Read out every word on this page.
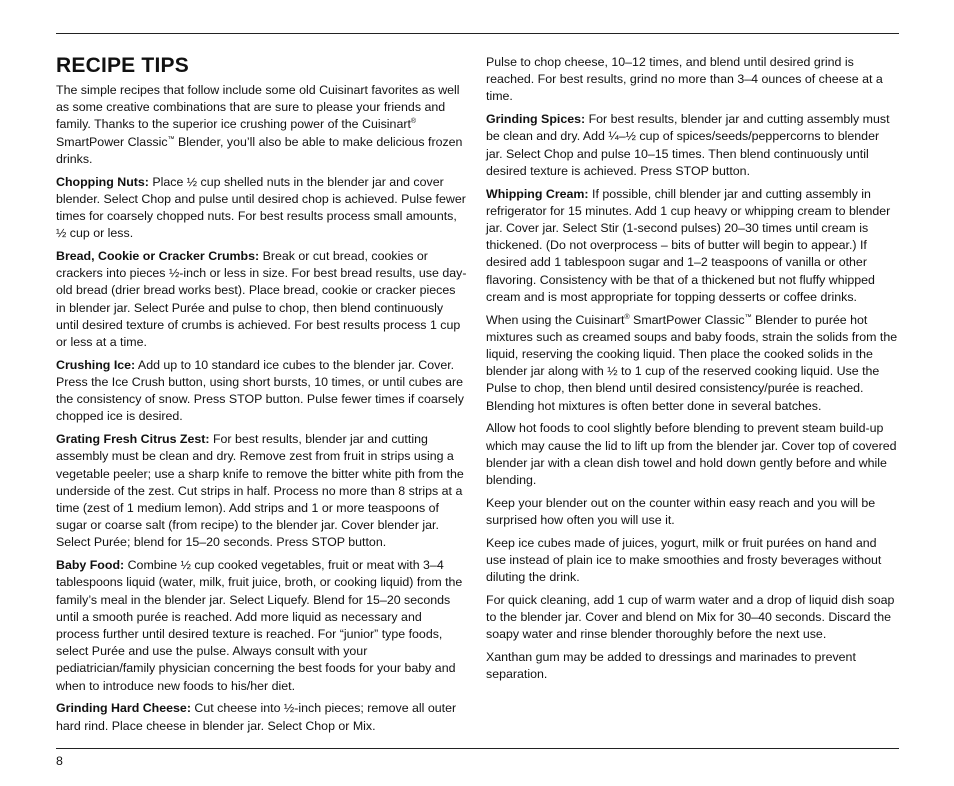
RECIPE TIPS

The simple recipes that follow include some old Cuisinart favorites as well as some creative combinations that are sure to please your friends and family. Thanks to the superior ice crushing power of the Cuisinart® SmartPower Classic™ Blender, you’ll also be able to make delicious frozen drinks.

Chopping Nuts: Place ½ cup shelled nuts in the blender jar and cover blender. Select Chop and pulse until desired chop is achieved. Pulse fewer times for coarsely chopped nuts. For best results process small amounts, ½ cup or less.

Bread, Cookie or Cracker Crumbs: Break or cut bread, cookies or crackers into pieces ½-inch or less in size. For best bread results, use day-old bread (drier bread works best). Place bread, cookie or cracker pieces in blender jar. Select Purée and pulse to chop, then blend continuously until desired texture of crumbs is achieved. For best results process 1 cup or less at a time.

Crushing Ice: Add up to 10 standard ice cubes to the blender jar. Cover. Press the Ice Crush button, using short bursts, 10 times, or until cubes are the consistency of snow. Press STOP button. Pulse fewer times if coarsely chopped ice is desired.

Grating Fresh Citrus Zest: For best results, blender jar and cutting assembly must be clean and dry. Remove zest from fruit in strips using a vegetable peeler; use a sharp knife to remove the bitter white pith from the underside of the zest. Cut strips in half. Process no more than 8 strips at a time (zest of 1 medium lemon). Add strips and 1 or more teaspoons of sugar or coarse salt (from recipe) to the blender jar. Cover blender jar. Select Purée; blend for 15–20 seconds. Press STOP button.

Baby Food: Combine ½ cup cooked vegetables, fruit or meat with 3–4 tablespoons liquid (water, milk, fruit juice, broth, or cooking liquid) from the family’s meal in the blender jar. Select Liquefy. Blend for 15–20 seconds until a smooth purée is reached. Add more liquid as necessary and process further until desired texture is reached. For “junior” type foods, select Purée and use the pulse. Always consult with your pediatrician/family physician concerning the best foods for your baby and when to introduce new foods to his/her diet.

Grinding Hard Cheese: Cut cheese into ½-inch pieces; remove all outer hard rind. Place cheese in blender jar. Select Chop or Mix.

Pulse to chop cheese, 10–12 times, and blend until desired grind is reached. For best results, grind no more than 3–4 ounces of cheese at a time.

Grinding Spices: For best results, blender jar and cutting assembly must be clean and dry. Add ¼–½ cup of spices/seeds/peppercorns to blender jar. Select Chop and pulse 10–15 times. Then blend continuously until desired texture is achieved. Press STOP button.

Whipping Cream: If possible, chill blender jar and cutting assembly in refrigerator for 15 minutes. Add 1 cup heavy or whipping cream to blender jar. Cover jar. Select Stir (1-second pulses) 20–30 times until cream is thickened. (Do not overprocess – bits of butter will begin to appear.) If desired add 1 tablespoon sugar and 1–2 teaspoons of vanilla or other flavoring. Consistency with be that of a thickened but not fluffy whipped cream and is most appropriate for topping desserts or coffee drinks.

When using the Cuisinart® SmartPower Classic™ Blender to purée hot mixtures such as creamed soups and baby foods, strain the solids from the liquid, reserving the cooking liquid. Then place the cooked solids in the blender jar along with ½ to 1 cup of the reserved cooking liquid. Use the Pulse to chop, then blend until desired consistency/purée is reached. Blending hot mixtures is often better done in several batches.

Allow hot foods to cool slightly before blending to prevent steam build-up which may cause the lid to lift up from the blender jar. Cover top of covered blender jar with a clean dish towel and hold down gently before and while blending.

Keep your blender out on the counter within easy reach and you will be surprised how often you will use it.

Keep ice cubes made of juices, yogurt, milk or fruit purées on hand and use instead of plain ice to make smoothies and frosty beverages without diluting the drink.

For quick cleaning, add 1 cup of warm water and a drop of liquid dish soap to the blender jar. Cover and blend on Mix for 30–40 seconds. Discard the soapy water and rinse blender thoroughly before the next use.

Xanthan gum may be added to dressings and marinades to prevent separation.

8
